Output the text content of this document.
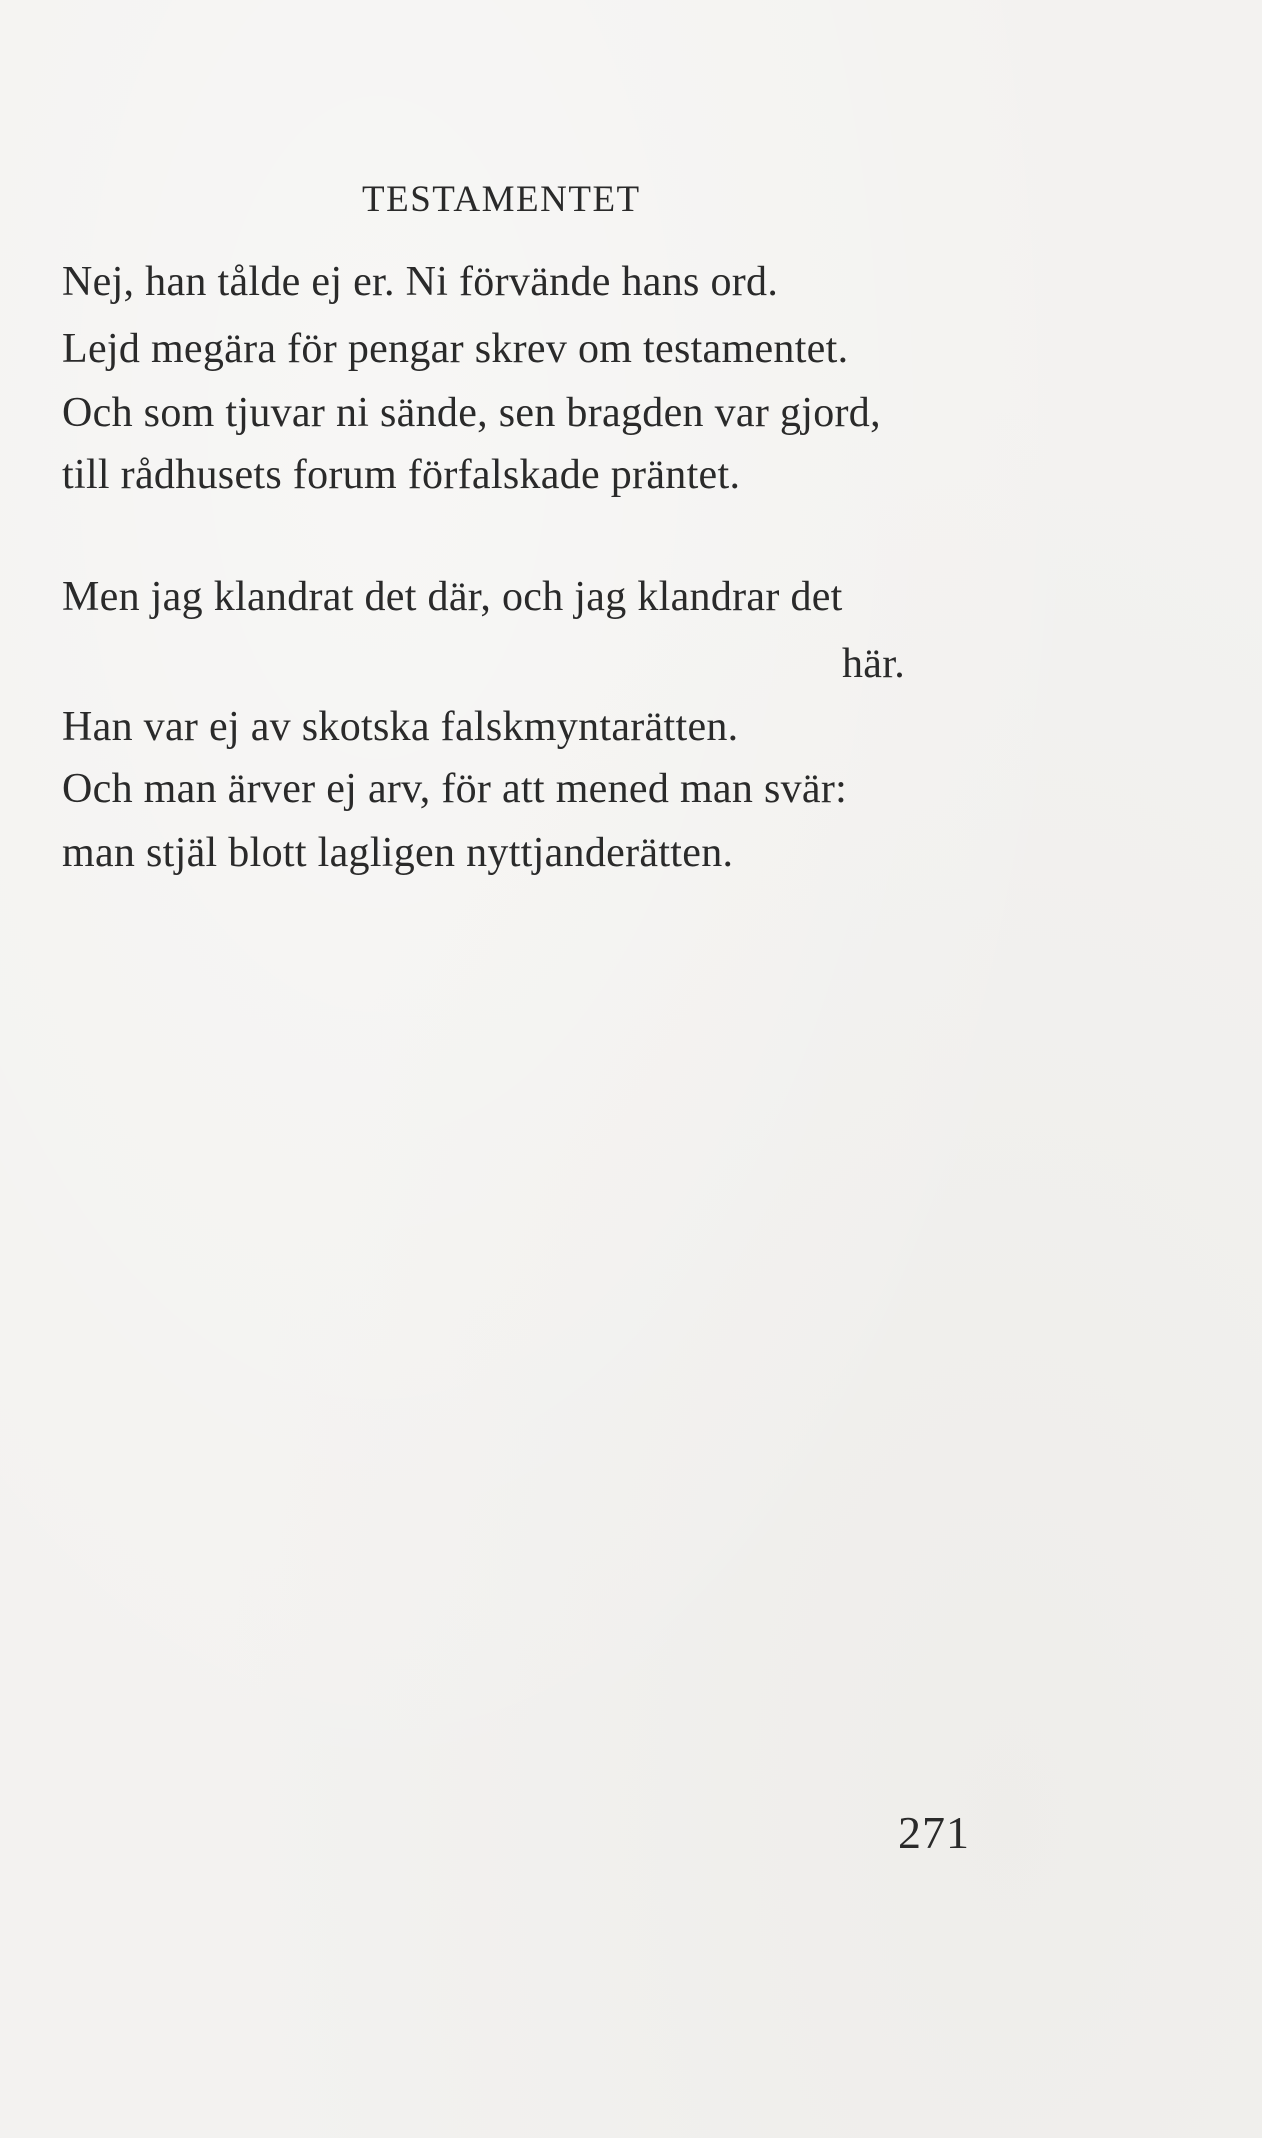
TESTAMENTET
Nej, han tålde ej er. Ni förvände hans ord.
Lejd megära för pengar skrev om testamentet.
Och som tjuvar ni sände, sen bragden var gjord,
till rådhusets forum förfalskade präntet.
Men jag klandrat det där, och jag klandrar det
här.
Han var ej av skotska falskmyntarätten.
Och man ärver ej arv, för att mened man svär:
man stjäl blott lagligen nyttjanderätten.
271
